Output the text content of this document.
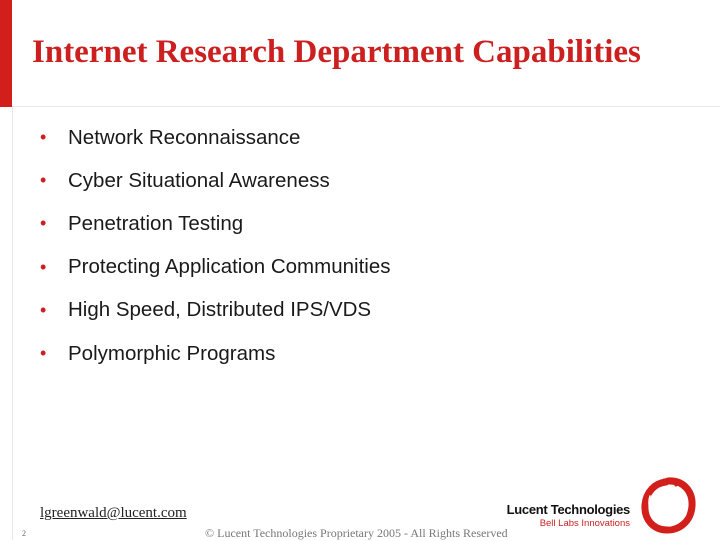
Internet Research Department Capabilities
•	Network Reconnaissance
•	Cyber Situational Awareness
•	Penetration Testing
•	Protecting Application Communities
•	High Speed, Distributed IPS/VDS
•	Polymorphic Programs
lgreenwald@lucent.com
2	© Lucent Technologies Proprietary 2005 - All Rights Reserved
Lucent Technologies
Bell Labs Innovations
